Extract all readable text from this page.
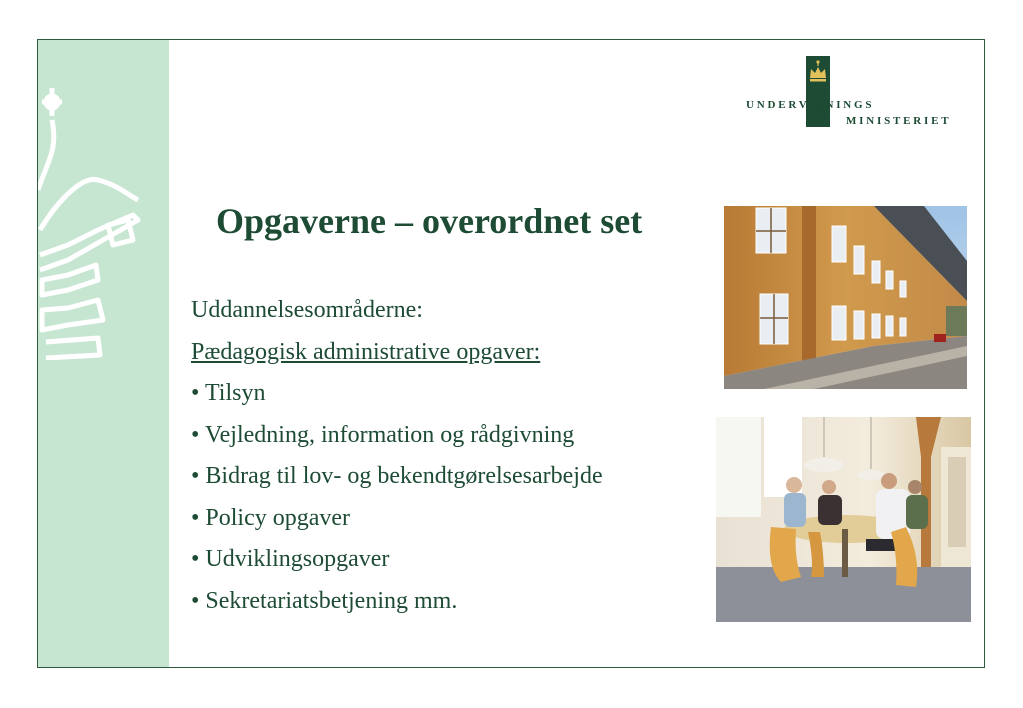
UNDERVISNINGS
MINISTERIET
Opgaverne – overordnet set
Uddannelsesområderne:
Pædagogisk administrative opgaver:
• Tilsyn
• Vejledning, information og rådgivning
• Bidrag til lov- og bekendtgørelsesarbejde
• Policy opgaver
• Udviklingsopgaver
• Sekretariatsbetjening mm.
